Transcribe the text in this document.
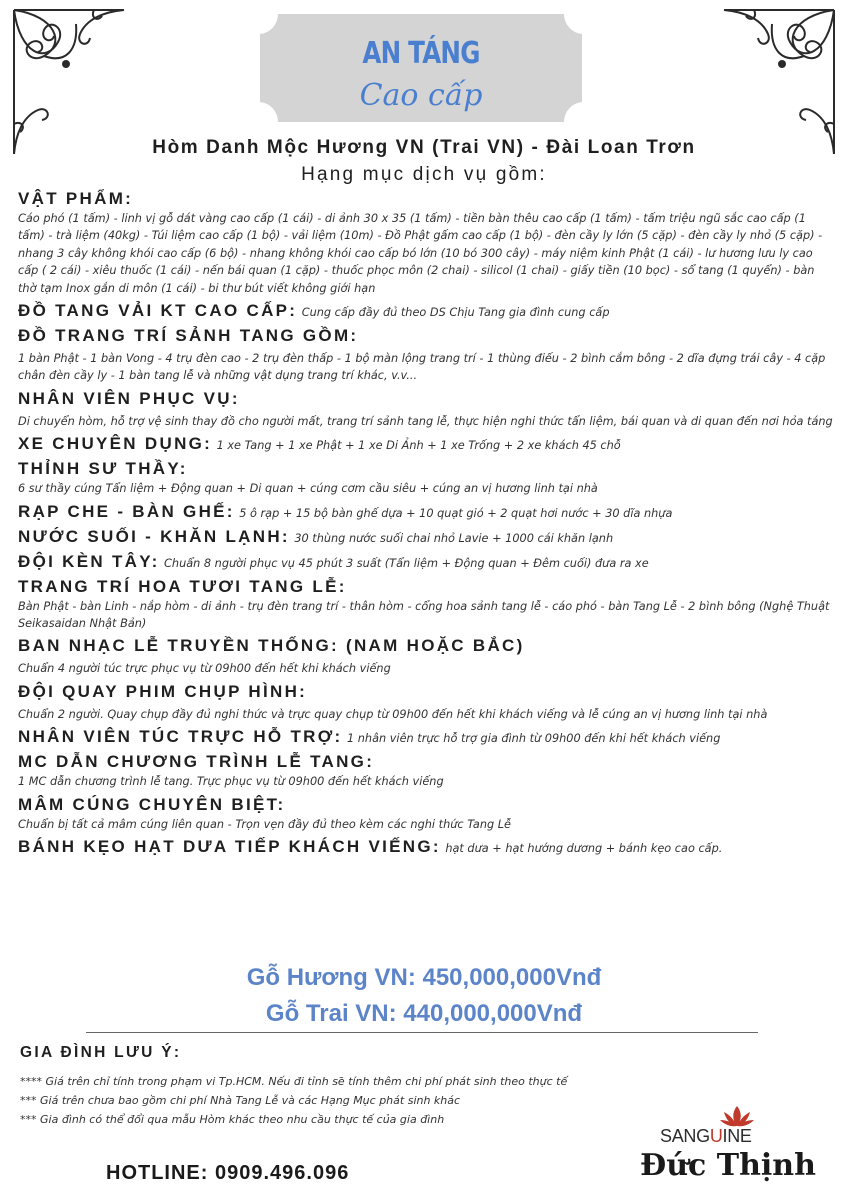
AN TÁNG
Cao cấp
Hòm Danh Mộc Hương VN (Trai VN) - Đài Loan Trơn
Hạng mục dịch vụ gồm:
VẬT PHẨM:
Cáo phó (1 tấm) - linh vị gỗ dát vàng cao cấp (1 cái) - di ảnh 30 x 35 (1 tấm) - tiền bàn thêu cao cấp (1 tấm) - tấm triệu ngũ sắc cao cấp (1 tấm) - trà liệm (40kg) - Túi liệm cao cấp (1 bộ) - vải liệm (10m) - Đồ Phật gấm cao cấp (1 bộ) - đèn cầy ly lớn (5 cặp) - đèn cầy ly nhỏ (5 cặp) - nhang 3 cây không khói cao cấp (6 bộ) - nhang không khói cao cấp bó lớn (10 bó 300 cây) - máy niệm kinh Phật (1 cái) - lư hương lưu ly cao cấp ( 2 cái) - xiêu thuốc (1 cái) - nến bái quan (1 cặp) - thuốc phọc môn (2 chai) - silicol (1 chai) - giấy tiền (10 bọc) - sổ tang (1 quyển) - bàn thờ tạm Inox gắn di môn (1 cái) - bi thư bút viết không giới hạn
ĐỒ TANG VẢI KT CAO CẤP: Cung cấp đầy đủ theo DS Chịu Tang gia đình cung cấp
ĐỒ TRANG TRÍ SẢNH TANG GỒM:
1 bàn Phật - 1 bàn Vong - 4 trụ đèn cao - 2 trụ đèn thấp - 1 bộ màn lộng trang trí - 1 thùng điếu - 2 bình cắm bông - 2 dĩa đựng trái cây - 4 cặp chân đèn cầy ly - 1 bàn tang lễ và những vật dụng trang trí khác, v.v...
NHÂN VIÊN PHỤC VỤ:
Di chuyển hòm, hỗ trợ vệ sinh thay đồ cho người mất, trang trí sảnh tang lễ, thực hiện nghi thức tẩn liệm, bái quan và di quan đến nơi hỏa táng
XE CHUYÊN DỤNG: 1 xe Tang + 1 xe Phật + 1 xe Di Ảnh + 1 xe Trống + 2 xe khách 45 chỗ
THỈNH SƯ THẦY:
6 sư thầy cúng Tẩn liệm + Động quan + Di quan + cúng cơm cầu siêu + cúng an vị hương linh tại nhà
RẠP CHE - BÀN GHẾ: 5 ô rạp + 15 bộ bàn ghế dựa + 10 quạt gió + 2 quạt hơi nước + 30 dĩa nhựa
NƯỚC SUỐI - KHĂN LẠNH: 30 thùng nước suối chai nhỏ Lavie + 1000 cái khăn lạnh
ĐỘI KÈN TÂY: Chuẩn 8 người phục vụ 45 phút 3 suất (Tẩn liệm + Động quan + Đêm cuối) đưa ra xe
TRANG TRÍ HOA TƯƠI TANG LỄ:
Bàn Phật - bàn Linh - nắp hòm - di ảnh - trụ đèn trang trí - thân hòm - cổng hoa sảnh tang lễ - cáo phó - bàn Tang Lễ - 2 bình bông (Nghệ Thuật Seikasaidan Nhật Bản)
BAN NHẠC LỄ TRUYỀN THỐNG: (NAM HOẶC BẮC)
Chuẩn 4 người túc trực phục vụ từ 09h00 đến hết khi khách viếng
ĐỘI QUAY PHIM CHỤP HÌNH:
Chuẩn 2 người. Quay chụp đầy đủ nghi thức và trực quay chụp từ 09h00 đến hết khi khách viếng và lễ cúng an vị hương linh tại nhà
NHÂN VIÊN TÚC TRỰC HỖ TRỢ: 1 nhân viên trực hỗ trợ gia đình từ 09h00 đến khi hết khách viếng
MC DẪN CHƯƠNG TRÌNH LỄ TANG:
1 MC dẫn chương trình lễ tang. Trực phục vụ từ 09h00 đến hết khách viếng
MÂM CÚNG CHUYÊN BIỆT:
Chuẩn bị tất cả mâm cúng liên quan - Trọn vẹn đầy đủ theo kèm các nghi thức Tang Lễ
BÁNH KẸO HẠT DƯA TIẾP KHÁCH VIẾNG: hạt dưa + hạt hướng dương + bánh kẹo cao cấp.
Gỗ Hương VN: 450,000,000Vnđ
Gỗ Trai VN: 440,000,000Vnđ
GIA ĐÌNH LƯU Ý:
**** Giá trên chỉ tính trong phạm vi Tp.HCM. Nếu đi tỉnh sẽ tính thêm chi phí phát sinh theo thực tế
*** Giá trên chưa bao gồm chi phí Nhà Tang Lễ và các Hạng Mục phát sinh khác
*** Gia đình có thể đổi qua mẫu Hòm khác theo nhu cầu thực tế của gia đình
HOTLINE: 0909.496.096
SANGUINE
Đức Thịnh
